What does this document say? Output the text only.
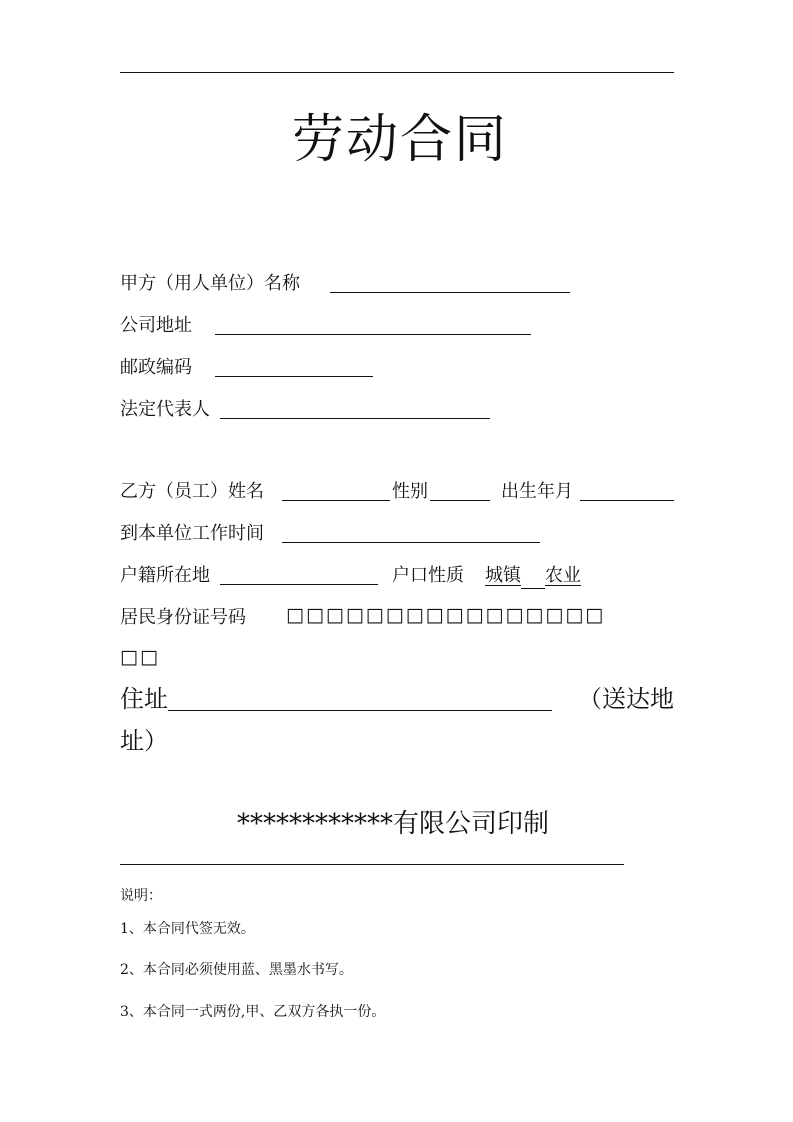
劳动合同
甲方（用人单位）名称
公司地址
邮政编码
法定代表人
乙方（员工）姓名	性别	出生年月
到本单位工作时间
户籍所在地	户口性质 城镇 农业
居民身份证号码 □□□□□□□□□□□□□□□□
□□
住址	（送达地
址）
************有限公司印制
说明：
1、本合同代签无效。
2、本合同必须使用蓝、黑墨水书写。
3、本合同一式两份,甲、乙双方各执一份。
